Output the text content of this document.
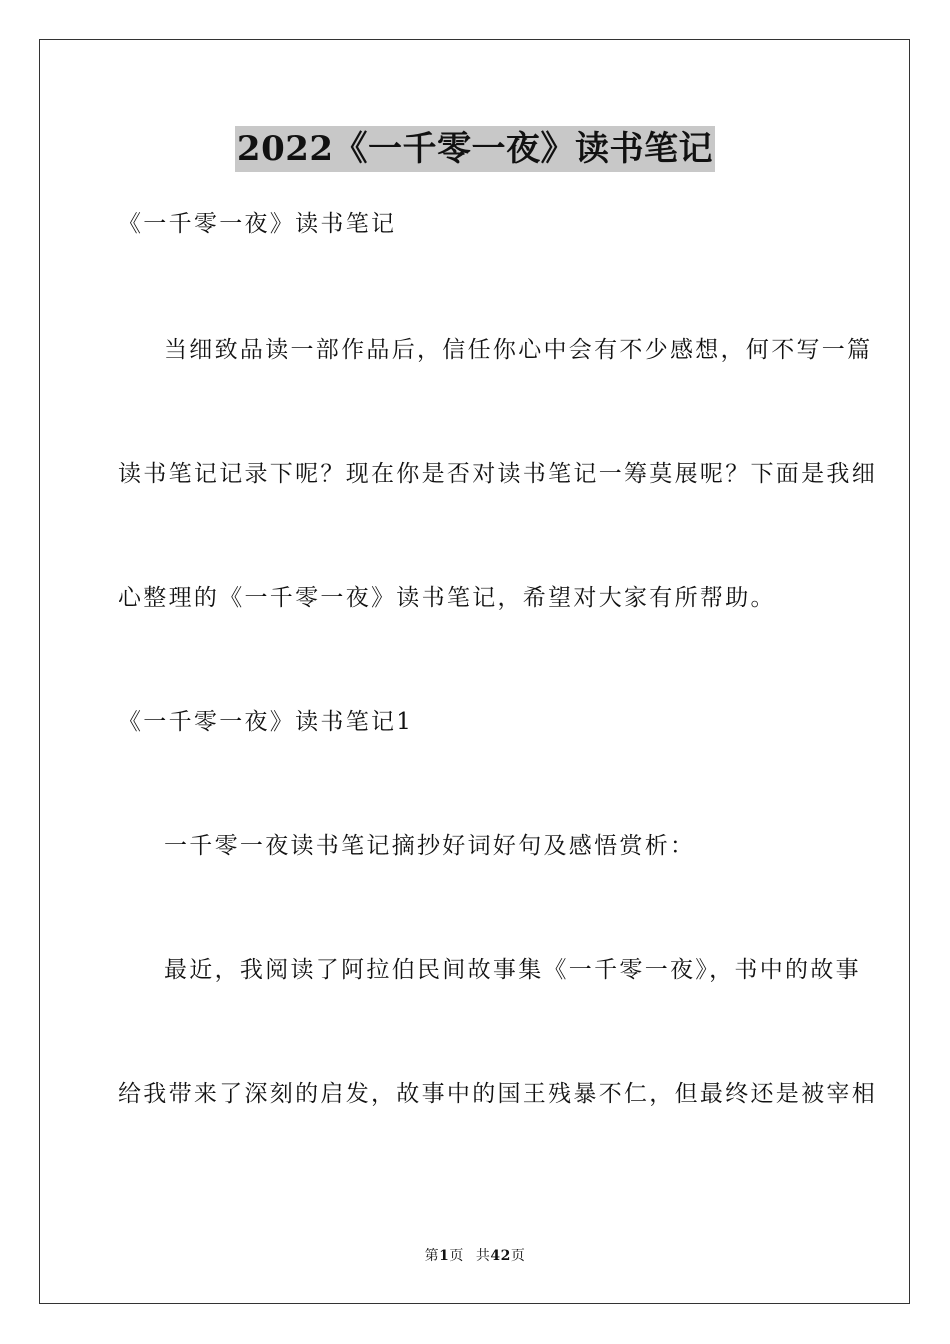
2022《一千零一夜》读书笔记
《一千零一夜》读书笔记
当细致品读一部作品后，信任你心中会有不少感想，何不写一篇
读书笔记记录下呢？现在你是否对读书笔记一筹莫展呢？下面是我细
心整理的《一千零一夜》读书笔记，希望对大家有所帮助。
《一千零一夜》读书笔记1
一千零一夜读书笔记摘抄好词好句及感悟赏析：
最近，我阅读了阿拉伯民间故事集《一千零一夜》，书中的故事
给我带来了深刻的启发，故事中的国王残暴不仁，但最终还是被宰相
第1页 共42页
